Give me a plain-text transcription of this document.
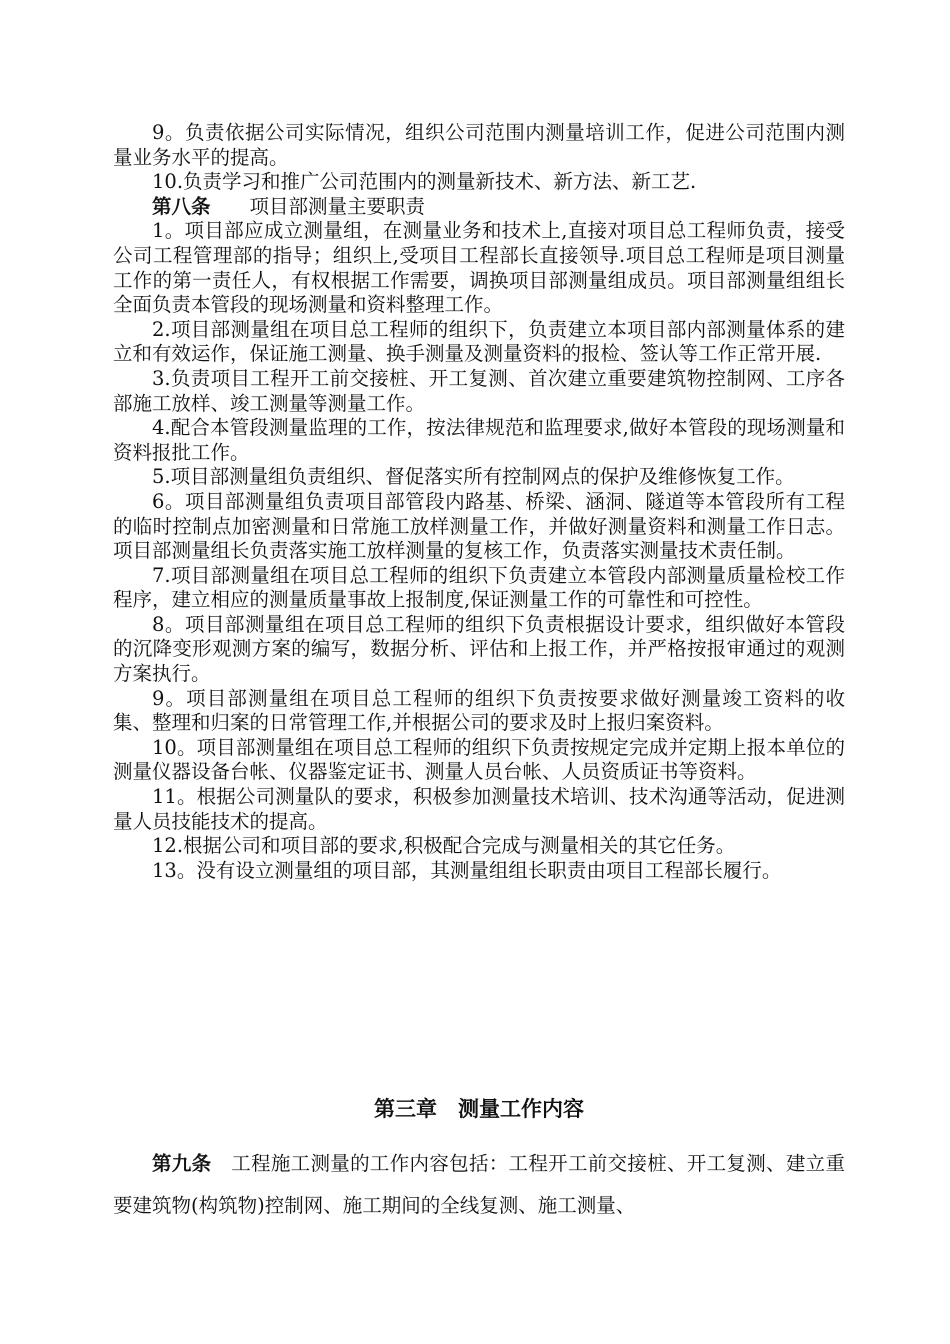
9。负责依据公司实际情况，组织公司范围内测量培训工作，促进公司范围内测量业务水平的提高。

10.负责学习和推广公司范围内的测量新技术、新方法、新工艺.

第八条　　 项目部测量主要职责

1。项目部应成立测量组，在测量业务和技术上,直接对项目总工程师负责，接受公司工程管理部的指导；组织上,受项目工程部长直接领导.项目总工程师是项目测量工作的第一责任人，有权根据工作需要，调换项目部测量组成员。项目部测量组组长全面负责本管段的现场测量和资料整理工作。

2.项目部测量组在项目总工程师的组织下，负责建立本项目部内部测量体系的建立和有效运作，保证施工测量、换手测量及测量资料的报检、签认等工作正常开展.

3.负责项目工程开工前交接桩、开工复测、首次建立重要建筑物控制网、工序各部施工放样、竣工测量等测量工作。

4.配合本管段测量监理的工作，按法律规范和监理要求,做好本管段的现场测量和资料报批工作。

5.项目部测量组负责组织、督促落实所有控制网点的保护及维修恢复工作。

6。项目部测量组负责项目部管段内路基、桥梁、涵洞、隧道等本管段所有工程的临时控制点加密测量和日常施工放样测量工作，并做好测量资料和测量工作日志。项目部测量组长负责落实施工放样测量的复核工作，负责落实测量技术责任制。

7.项目部测量组在项目总工程师的组织下负责建立本管段内部测量质量检校工作程序，建立相应的测量质量事故上报制度,保证测量工作的可靠性和可控性。

8。项目部测量组在项目总工程师的组织下负责根据设计要求，组织做好本管段的沉降变形观测方案的编写，数据分析、评估和上报工作，并严格按报审通过的观测方案执行。

9。项目部测量组在项目总工程师的组织下负责按要求做好测量竣工资料的收集、整理和归案的日常管理工作,并根据公司的要求及时上报归案资料。

10。项目部测量组在项目总工程师的组织下负责按规定完成并定期上报本单位的测量仪器设备台帐、仪器鉴定证书、测量人员台帐、人员资质证书等资料。

11。根据公司测量队的要求，积极参加测量技术培训、技术沟通等活动，促进测量人员技能技术的提高。

12.根据公司和项目部的要求,积极配合完成与测量相关的其它任务。

13。没有设立测量组的项目部，其测量组组长职责由项目工程部长履行。

第三章　测量工作内容

第九条　 工程施工测量的工作内容包括：工程开工前交接桩、开工复测、建立重要建筑物(构筑物)控制网、施工期间的全线复测、施工测量、
